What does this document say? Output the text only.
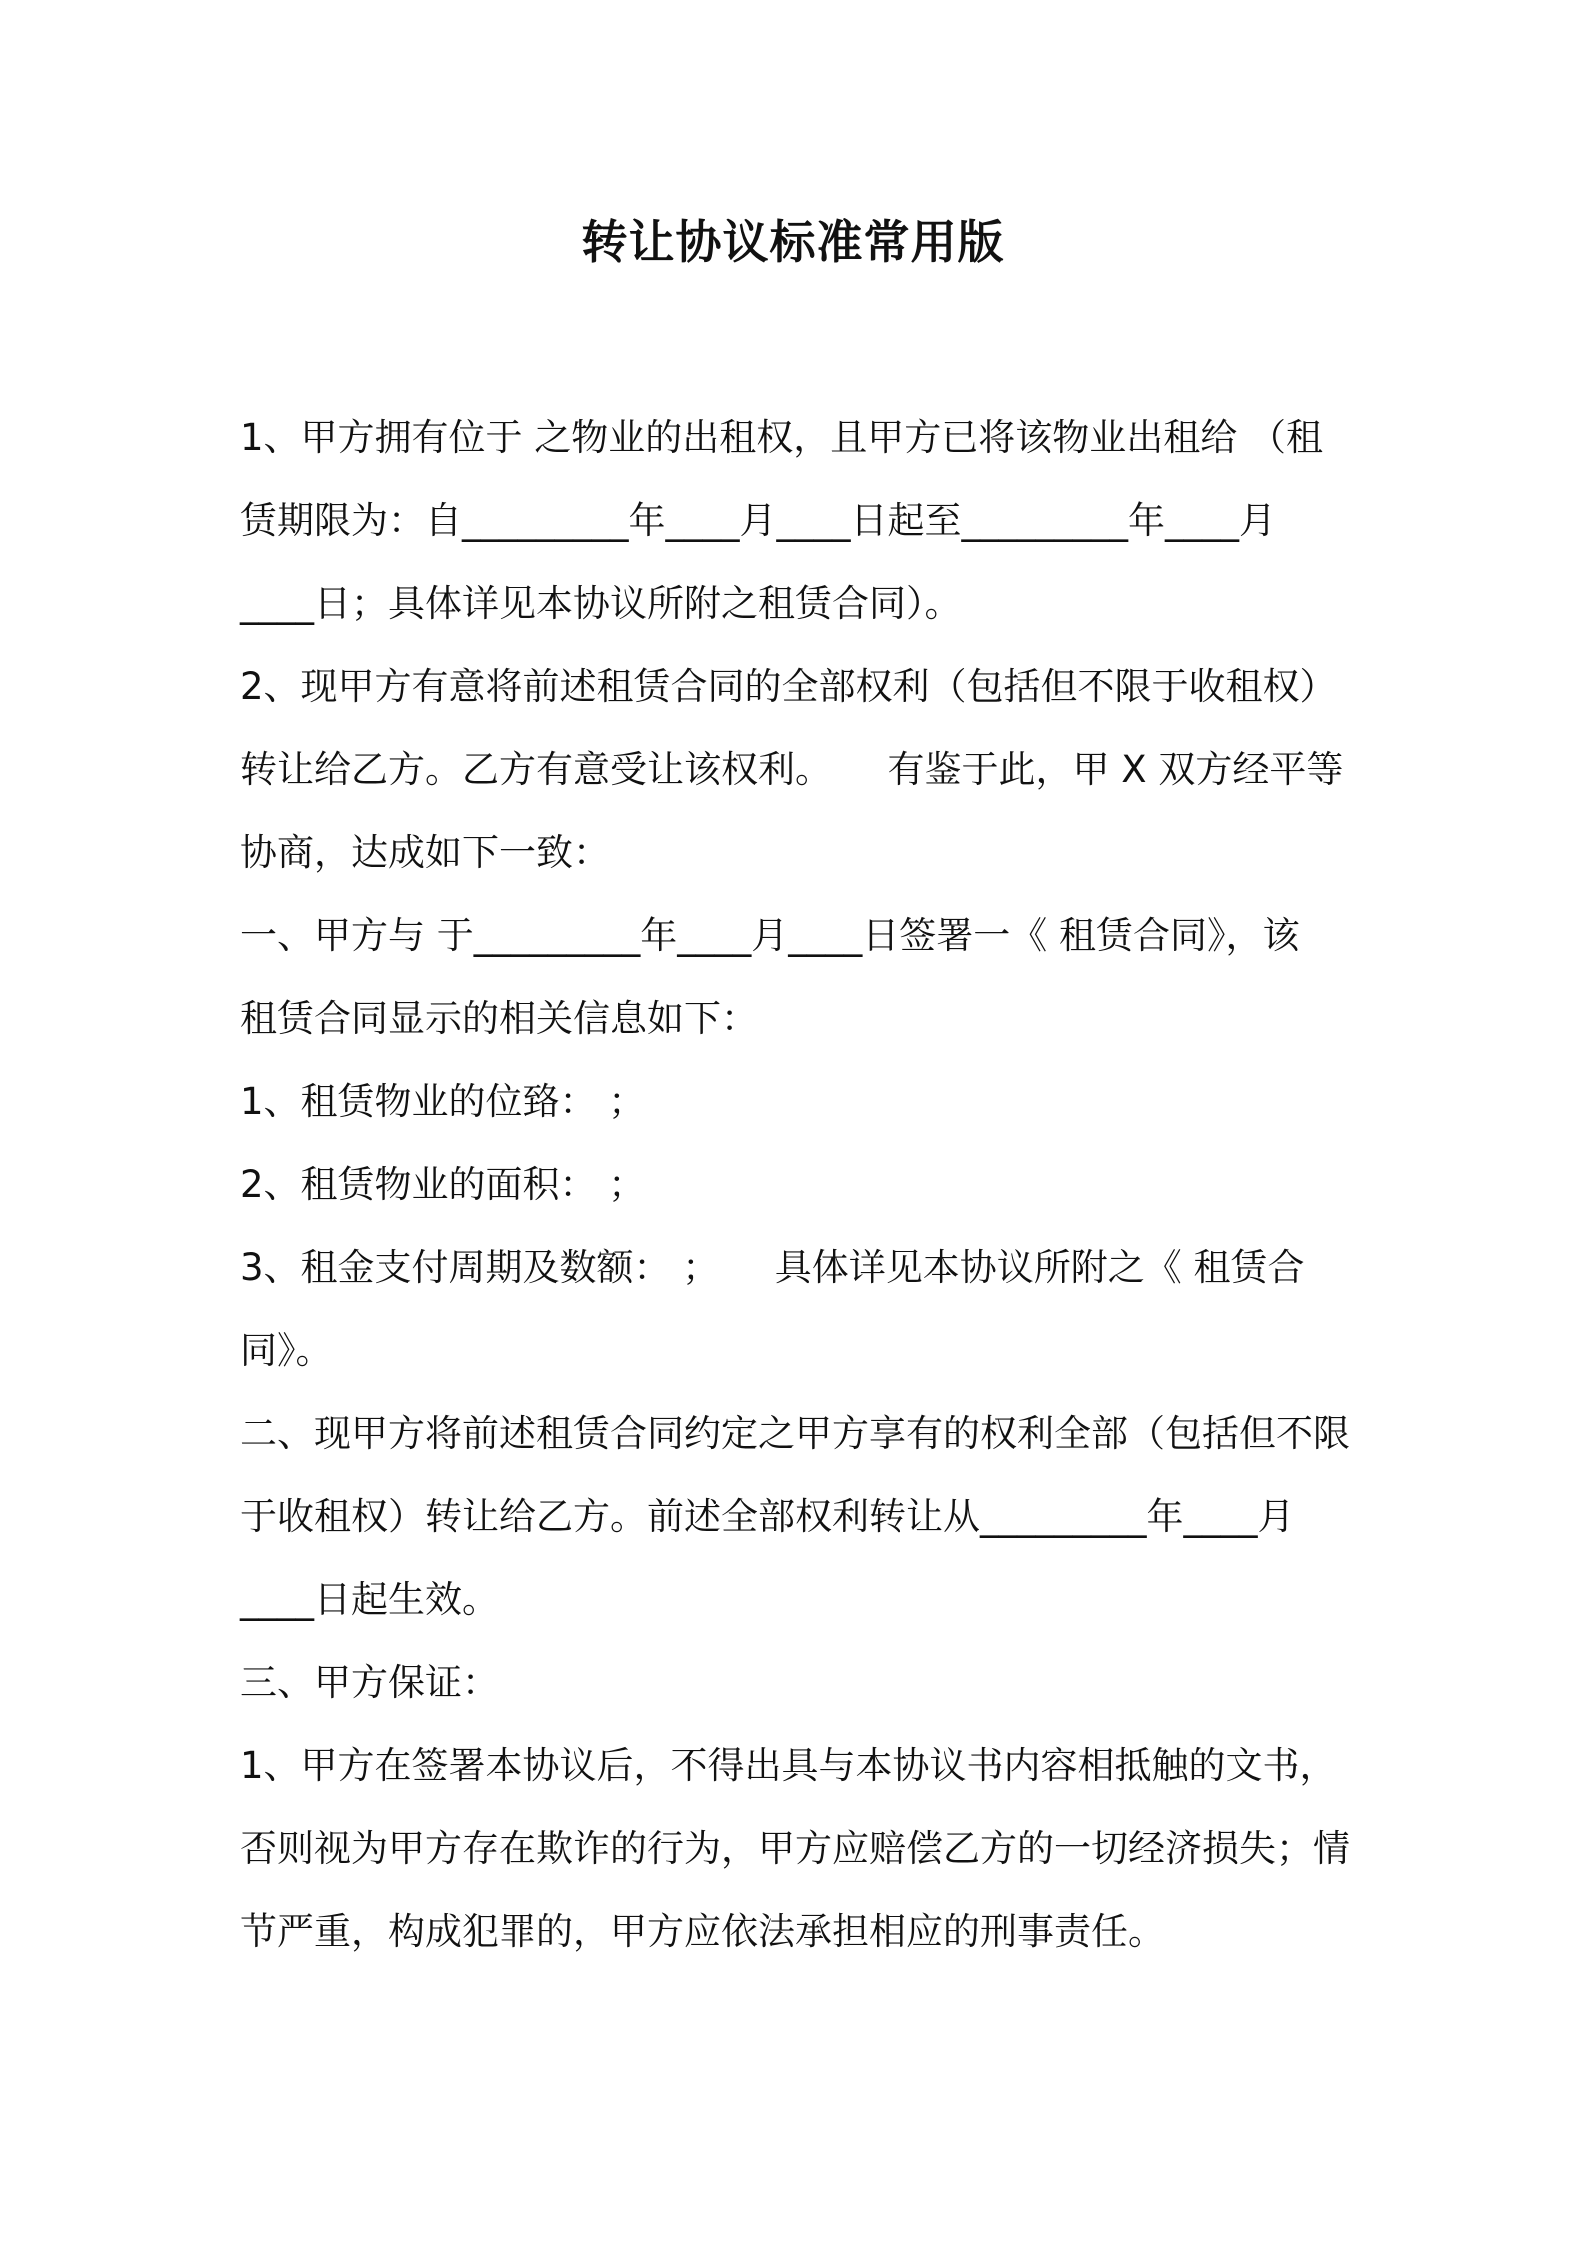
转让协议标准常用版
1、甲方拥有位于 之物业的出租权，且甲方已将该物业出租给 （租
赁期限为：自_________年____月____日起至_________年____月
____日；具体详见本协议所附之租赁合同）。
2、现甲方有意将前述租赁合同的全部权利（包括但不限于收租权）
转让给乙方。乙方有意受让该权利。　　有鉴于此，甲 X 双方经平等
协商，达成如下一致：
一、甲方与 于_________年____月____日签署一《 租赁合同》，该
租赁合同显示的相关信息如下：
1、租赁物业的位臵： ；
2、租赁物业的面积： ；
3、租金支付周期及数额： ；　　具体详见本协议所附之《 租赁合
同》。
二、现甲方将前述租赁合同约定之甲方享有的权利全部（包括但不限
于收租权）转让给乙方。前述全部权利转让从_________年____月
____日起生效。
三、甲方保证：
1、甲方在签署本协议后，不得出具与本协议书内容相抵触的文书，
否则视为甲方存在欺诈的行为，甲方应赔偿乙方的一切经济损失；情
节严重，构成犯罪的，甲方应依法承担相应的刑事责任。
